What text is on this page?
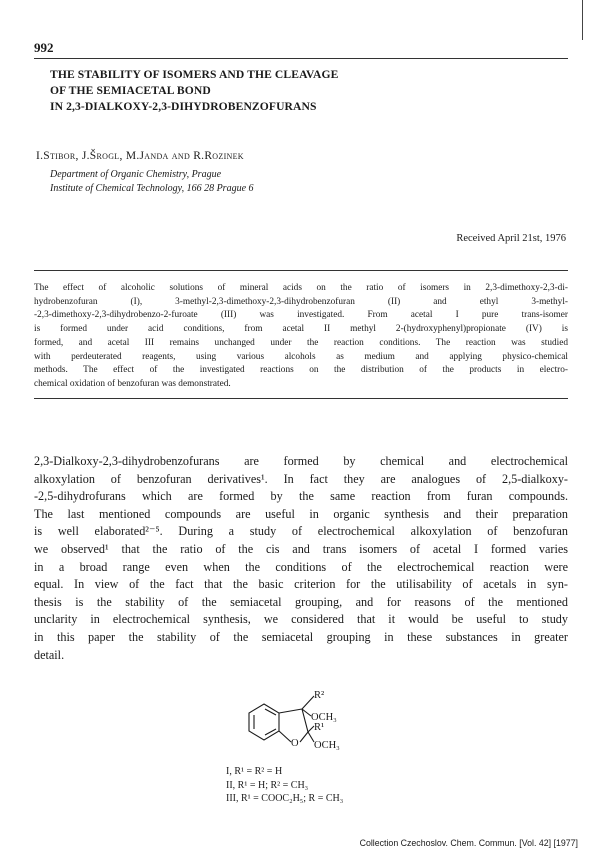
992
THE STABILITY OF ISOMERS AND THE CLEAVAGE
OF THE SEMIACETAL BOND
IN 2,3-DIALKOXY-2,3-DIHYDROBENZOFURANS
I.Stibor, J.Šrogl, M.Janda and R.Rozinek
Department of Organic Chemistry, Prague
Institute of Chemical Technology, 166 28 Prague 6
Received April 21st, 1976
The effect of alcoholic solutions of mineral acids on the ratio of isomers in 2,3-dimethoxy-2,3-di-
hydrobenzofuran (I), 3-methyl-2,3-dimethoxy-2,3-dihydrobenzofuran (II) and ethyl 3-methyl-
-2,3-dimethoxy-2,3-dihydrobenzo-2-furoate (III) was investigated. From acetal I pure trans-isomer
is formed under acid conditions, from acetal II methyl 2-(hydroxyphenyl)propionate (IV) is
formed, and acetal III remains unchanged under the reaction conditions. The reaction was studied
with perdeuterated reagents, using various alcohols as medium and applying physico-chemical
methods. The effect of the investigated reactions on the distribution of the products in electro-
chemical oxidation of benzofuran was demonstrated.
2,3-Dialkoxy-2,3-dihydrobenzofurans are formed by chemical and electrochemical
alkoxylation of benzofuran derivatives¹. In fact they are analogues of 2,5-dialkoxy-
-2,5-dihydrofurans which are formed by the same reaction from furan compounds.
The last mentioned compounds are useful in organic synthesis and their preparation
is well elaborated²⁻⁵. During a study of electrochemical alkoxylation of benzofuran
we observed¹ that the ratio of the cis and trans isomers of acetal I formed varies
in a broad range even when the conditions of the electrochemical reaction were
equal. In view of the fact that the basic criterion for the utilisability of acetals in syn-
thesis is the stability of the semiacetal grouping, and for reasons of the mentioned
unclarity in electrochemical synthesis, we considered that it would be useful to study
in this paper the stability of the semiacetal grouping in these substances in greater
detail.
R²
OCH₃
R¹
O OCH₃
I, R¹ = R² = H
II, R¹ = H; R² = CH₃
III, R¹ = COOC₂H₅; R = CH₃
Collection Czechoslov. Chem. Commun. [Vol. 42] [1977]
